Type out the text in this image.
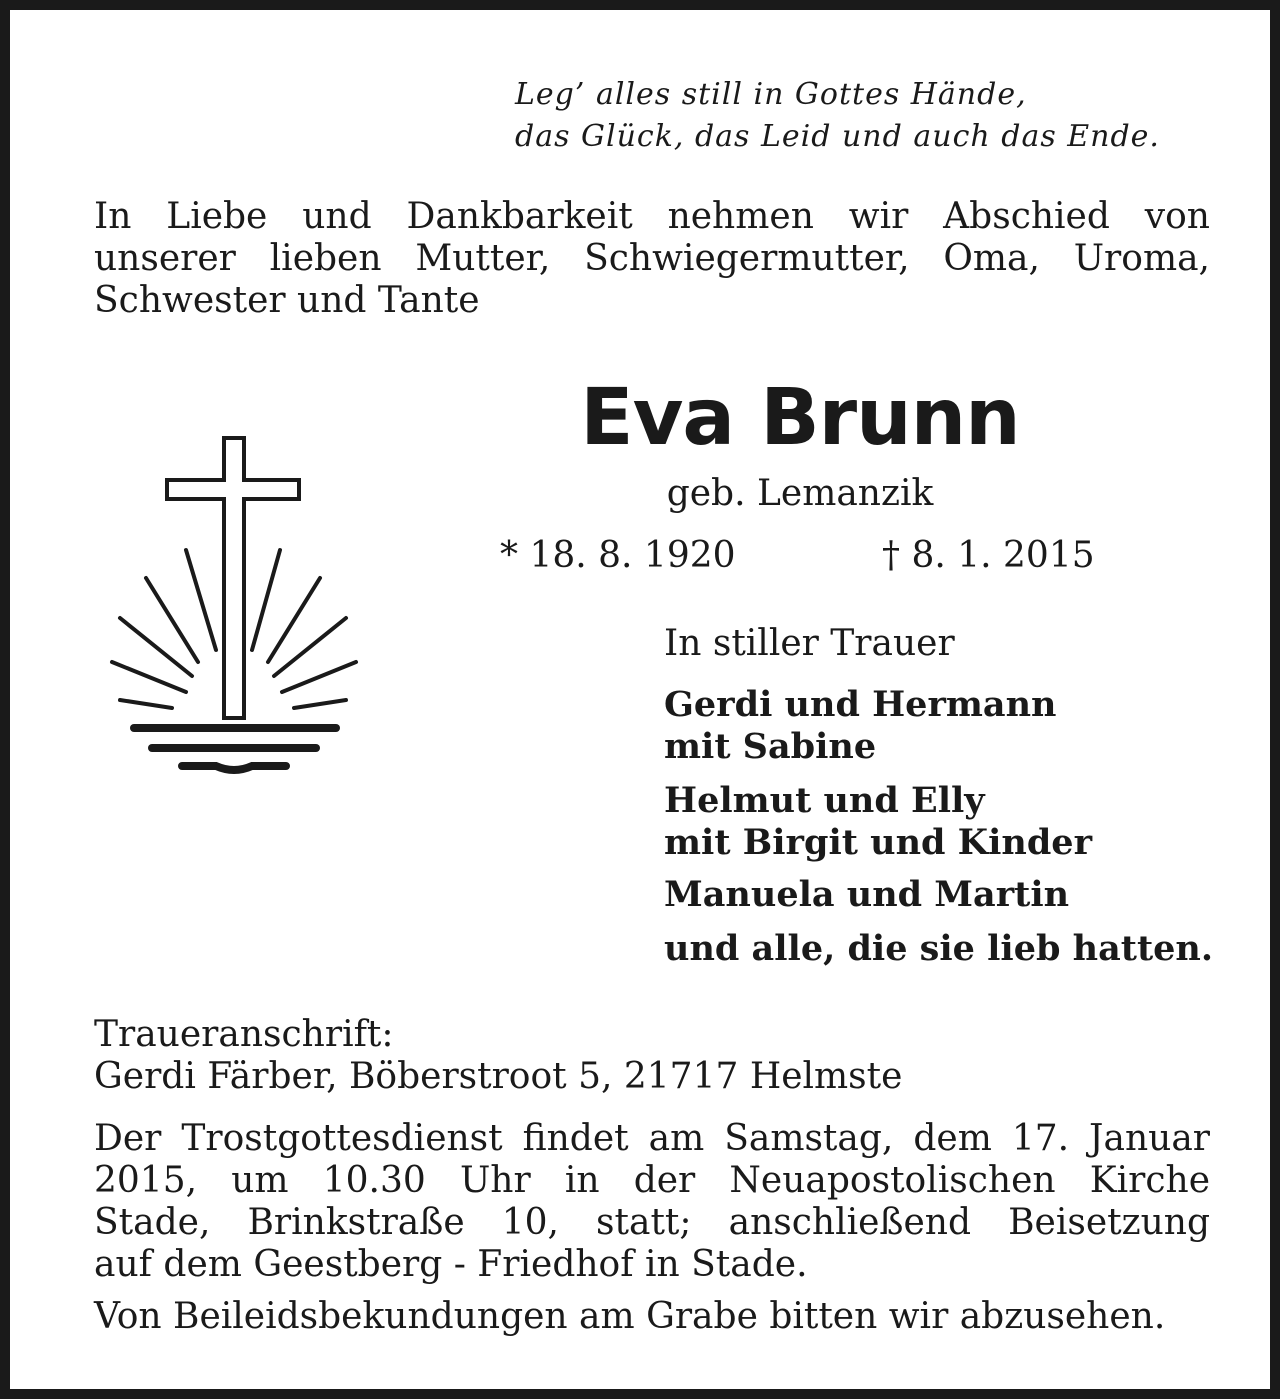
Leg’ alles still in Gottes Hände,
das Glück, das Leid und auch das Ende.
In Liebe und Dankbarkeit nehmen wir Abschied von
unserer lieben Mutter, Schwiegermutter, Oma, Uroma,
Schwester und Tante
Eva Brunn
geb. Lemanzik
* 18. 8. 1920	† 8. 1. 2015
In stiller Trauer
Gerdi und Hermann
mit Sabine
Helmut und Elly
mit Birgit und Kinder
Manuela und Martin
und alle, die sie lieb hatten.
Traueranschrift:
Gerdi Färber, Böberstroot 5, 21717 Helmste
Der Trostgottesdienst findet am Samstag, dem 17. Januar
2015, um 10.30 Uhr in der Neuapostolischen Kirche
Stade, Brinkstraße 10, statt; anschließend Beisetzung
auf dem Geestberg - Friedhof in Stade.
Von Beileidsbekundungen am Grabe bitten wir abzusehen.
